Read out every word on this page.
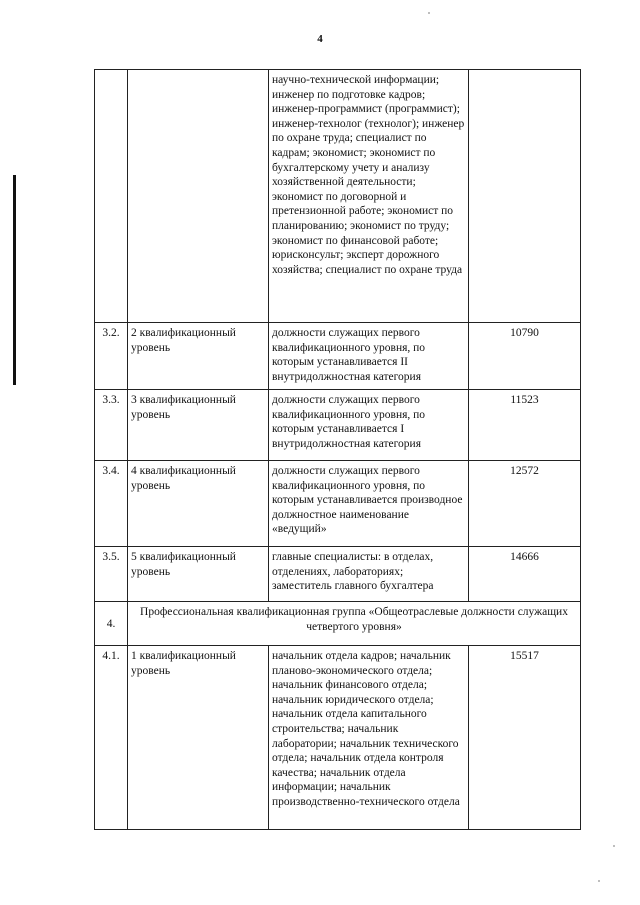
4
		научно-технической информации; инженер по подготовке кадров; инженер-программист (программист); инженер-технолог (технолог); инженер по охране труда; специалист по кадрам; экономист; экономист по бухгалтерскому учету и анализу хозяйственной деятельности; экономист по договорной и претензионной работе; экономист по планированию; экономист по труду; экономист по финансовой работе; юрисконсульт; эксперт дорожного хозяйства; специалист по охране труда	
3.2.	2 квалификационный уровень	должности служащих первого квалификационного уровня, по которым устанавливается II внутридолжностная категория	10790
3.3.	3 квалификационный уровень	должности служащих первого квалификационного уровня, по которым устанавливается I внутридолжностная категория	11523
3.4.	4 квалификационный уровень	должности служащих первого квалификационного уровня, по которым устанавливается производное должностное наименование «ведущий»	12572
3.5.	5 квалификационный уровень	главные специалисты: в отделах, отделениях, лабораториях; заместитель главного бухгалтера	14666
4.	Профессиональная квалификационная группа «Общеотраслевые должности служащих четвертого уровня»		
4.1.	1 квалификационный уровень	начальник отдела кадров; начальник планово-экономического отдела; начальник финансового отдела; начальник юридического отдела; начальник отдела капитального строительства; начальник лаборатории; начальник технического отдела; начальник отдела контроля качества; начальник отдела информации; начальник производственно-технического отдела	15517
